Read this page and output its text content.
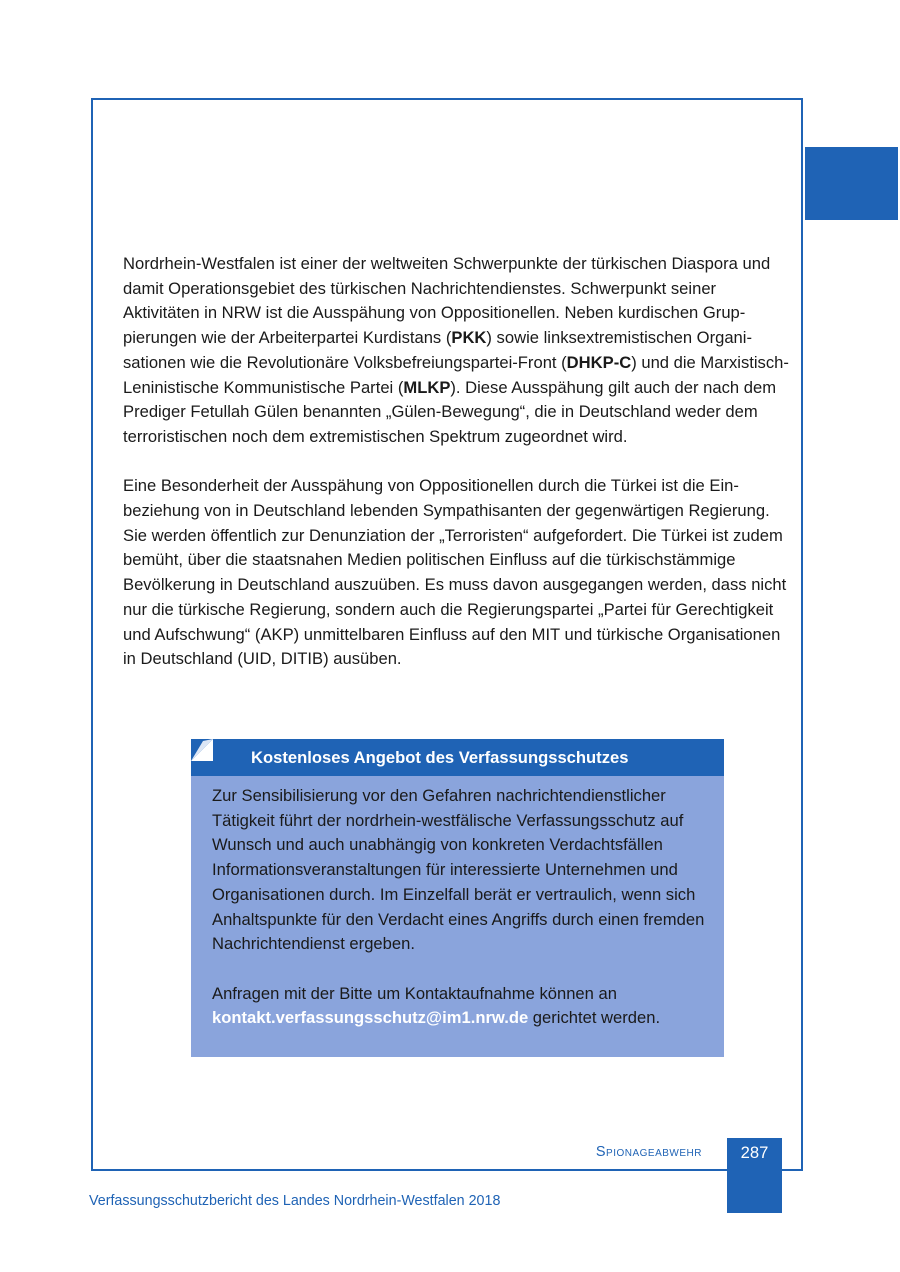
Nordrhein-Westfalen ist einer der weltweiten Schwerpunkte der türkischen Diaspora und damit Operationsgebiet des türkischen Nachrichtendienstes. Schwerpunkt seiner Aktivitäten in NRW ist die Ausspähung von Oppositionellen. Neben kurdischen Gruppierungen wie der Arbeiterpartei Kurdistans (PKK) sowie linksextremistischen Organisationen wie die Revolutionäre Volksbefreiungspartei-Front (DHKP-C) und die Marxistisch-Leninistische Kommunistische Partei (MLKP). Diese Ausspähung gilt auch der nach dem Prediger Fetullah Gülen benannten „Gülen-Bewegung“, die in Deutschland weder dem terroristischen noch dem extremistischen Spektrum zugeordnet wird.

Eine Besonderheit der Ausspähung von Oppositionellen durch die Türkei ist die Einbeziehung von in Deutschland lebenden Sympathisanten der gegenwärtigen Regierung. Sie werden öffentlich zur Denunziation der „Terroristen“ aufgefordert. Die Türkei ist zudem bemüht, über die staatsnahen Medien politischen Einfluss auf die türkischstämmige Bevölkerung in Deutschland auszuüben. Es muss davon ausgegangen werden, dass nicht nur die türkische Regierung, sondern auch die Regierungspartei „Partei für Gerechtigkeit und Aufschwung“ (AKP) unmittelbaren Einfluss auf den MIT und türkische Organisationen in Deutschland (UID, DITIB) ausüben.

Kostenloses Angebot des Verfassungsschutzes

Zur Sensibilisierung vor den Gefahren nachrichtendienstlicher Tätigkeit führt der nordrhein-westfälische Verfassungsschutz auf Wunsch und auch unabhängig von konkreten Verdachtsfällen Informationsveranstaltungen für interessierte Unternehmen und Organisationen durch. Im Einzelfall berät er vertraulich, wenn sich Anhaltspunkte für den Verdacht eines Angriffs durch einen fremden Nachrichtendienst ergeben.

Anfragen mit der Bitte um Kontaktaufnahme können an kontakt.verfassungsschutz@im1.nrw.de gerichtet werden.

Spionageabwehr	287
Verfassungsschutzbericht des Landes Nordrhein-Westfalen 2018
